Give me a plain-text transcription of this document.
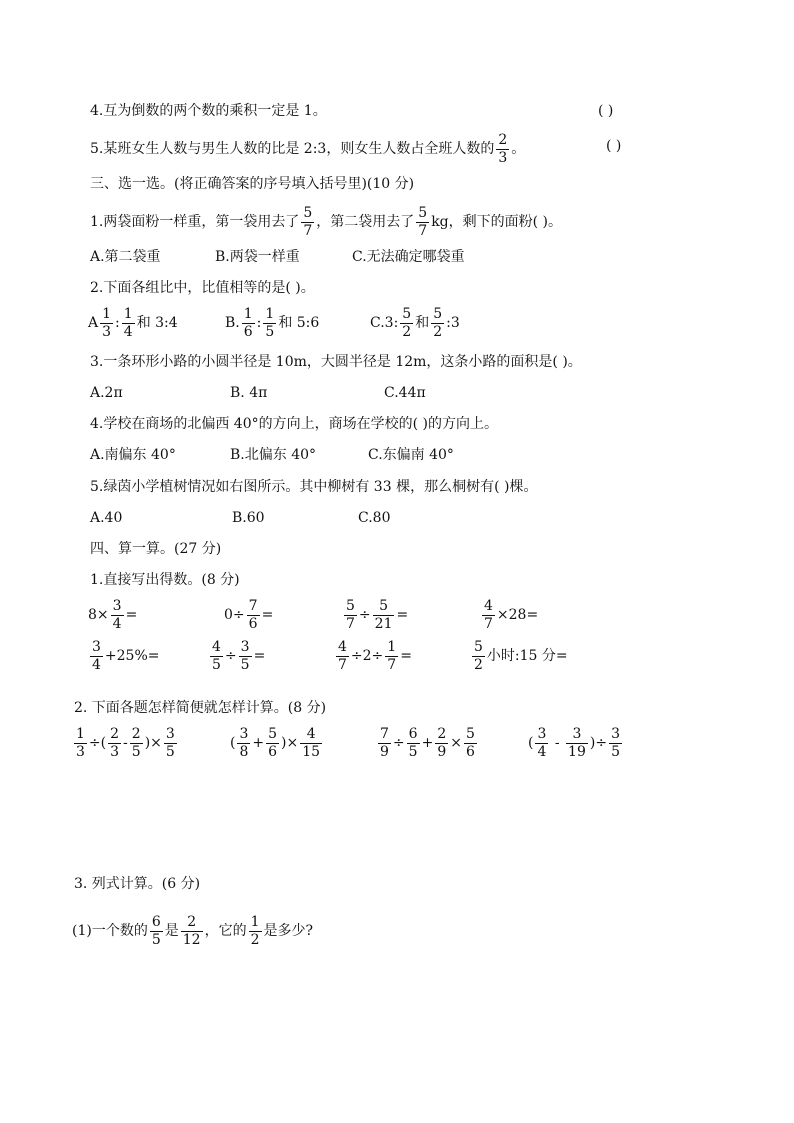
4.互为倒数的两个数的乘积一定是 1。	( )
5.某班女生人数与男生人数的比是 2:3，则女生人数占全班人数的 $\frac{2}{3}$ 。	( )
三、选一选。(将正确答案的序号填入括号里)(10 分)
1.两袋面粉一样重，第一袋用去了 $\frac{5}{7}$ ，第二袋用去了 $\frac{5}{7}$ kg，剩下的面粉( )。
A.第二袋重	B.两袋一样重	C.无法确定哪袋重
2.下面各组比中，比值相等的是( )。
A $\frac{1}{3}$ : $\frac{1}{4}$ 和 3:4	B. $\frac{1}{6}$ : $\frac{1}{5}$ 和 5:6	C.3: $\frac{5}{2}$ 和 $\frac{5}{2}$ :3
3.一条环形小路的小圆半径是 10m，大圆半径是 12m，这条小路的面积是( )。
A.2π	B. 4π	C.44π
4.学校在商场的北偏西 40°的方向上，商场在学校的( )的方向上。
A.南偏东 40°	B.北偏东 40°	C.东偏南 40°
5.绿茵小学植树情况如右图所示。其中柳树有 33 棵，那么桐树有( )棵。
A.40	B.60	C.80
四、算一算。(27 分)
1.直接写出得数。(8 分)
$8\times \frac{3}{4}$ =	$0\div \frac{7}{6}$ =	$\frac{5}{7} \div \frac{5}{21}$ =	$\frac{4}{7} \times 28=$
$\frac{3}{4} +25\%=$	$\frac{4}{5} \div \frac{3}{5}$ =	$\frac{4}{7} \div 2\div \frac{1}{7}$ =	$\frac{5}{2}$ 小时:15 分=
2. 下面各题怎样简便就怎样计算。(8 分)
$\frac{1}{3}$ ÷( $\frac{2}{3} - \frac{2}{5}$ )× $\frac{3}{5}$	( $\frac{3}{8} + \frac{5}{6}$ )× $\frac{4}{15}$	$\frac{7}{9} \div \frac{6}{5} + \frac{2}{9} \times \frac{5}{6}$	( $\frac{3}{4} - \frac{3}{19}$ )÷ $\frac{3}{5}$
3. 列式计算。(6 分)
(1)一个数的 $\frac{6}{5}$ 是 $\frac{2}{12}$ ，它的 $\frac{1}{2}$ 是多少?
